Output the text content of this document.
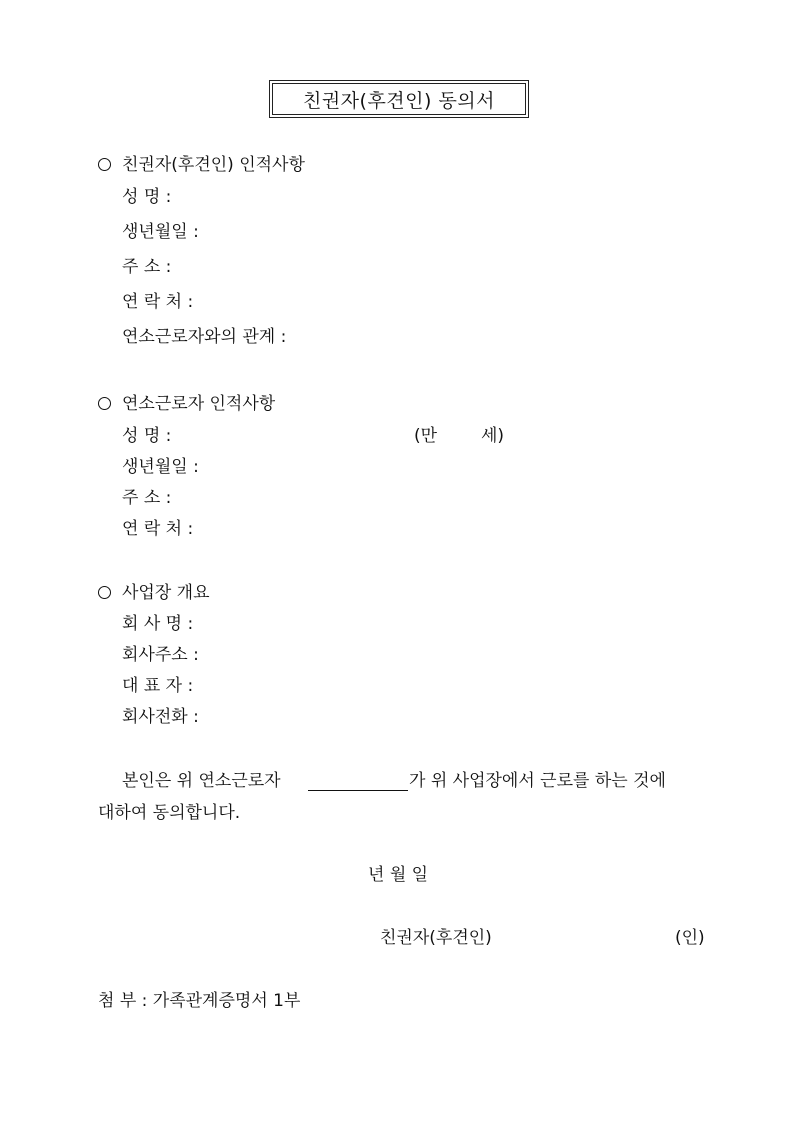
친권자(후견인) 동의서
친권자(후견인) 인적사항
성 명 :
생년월일 :
주 소 :
연 락 처 :
연소근로자와의 관계 :
연소근로자 인적사항
성 명 :	(만	세)
생년월일 :
주 소 :
연 락 처 :
사업장 개요
회 사 명 :
회사주소 :
대 표 자 :
회사전화 :
본인은 위 연소근로자	가 위 사업장에서 근로를 하는 것에
대하여 동의합니다.
년 월 일
친권자(후견인)	(인)
첨 부 : 가족관계증명서 1부
